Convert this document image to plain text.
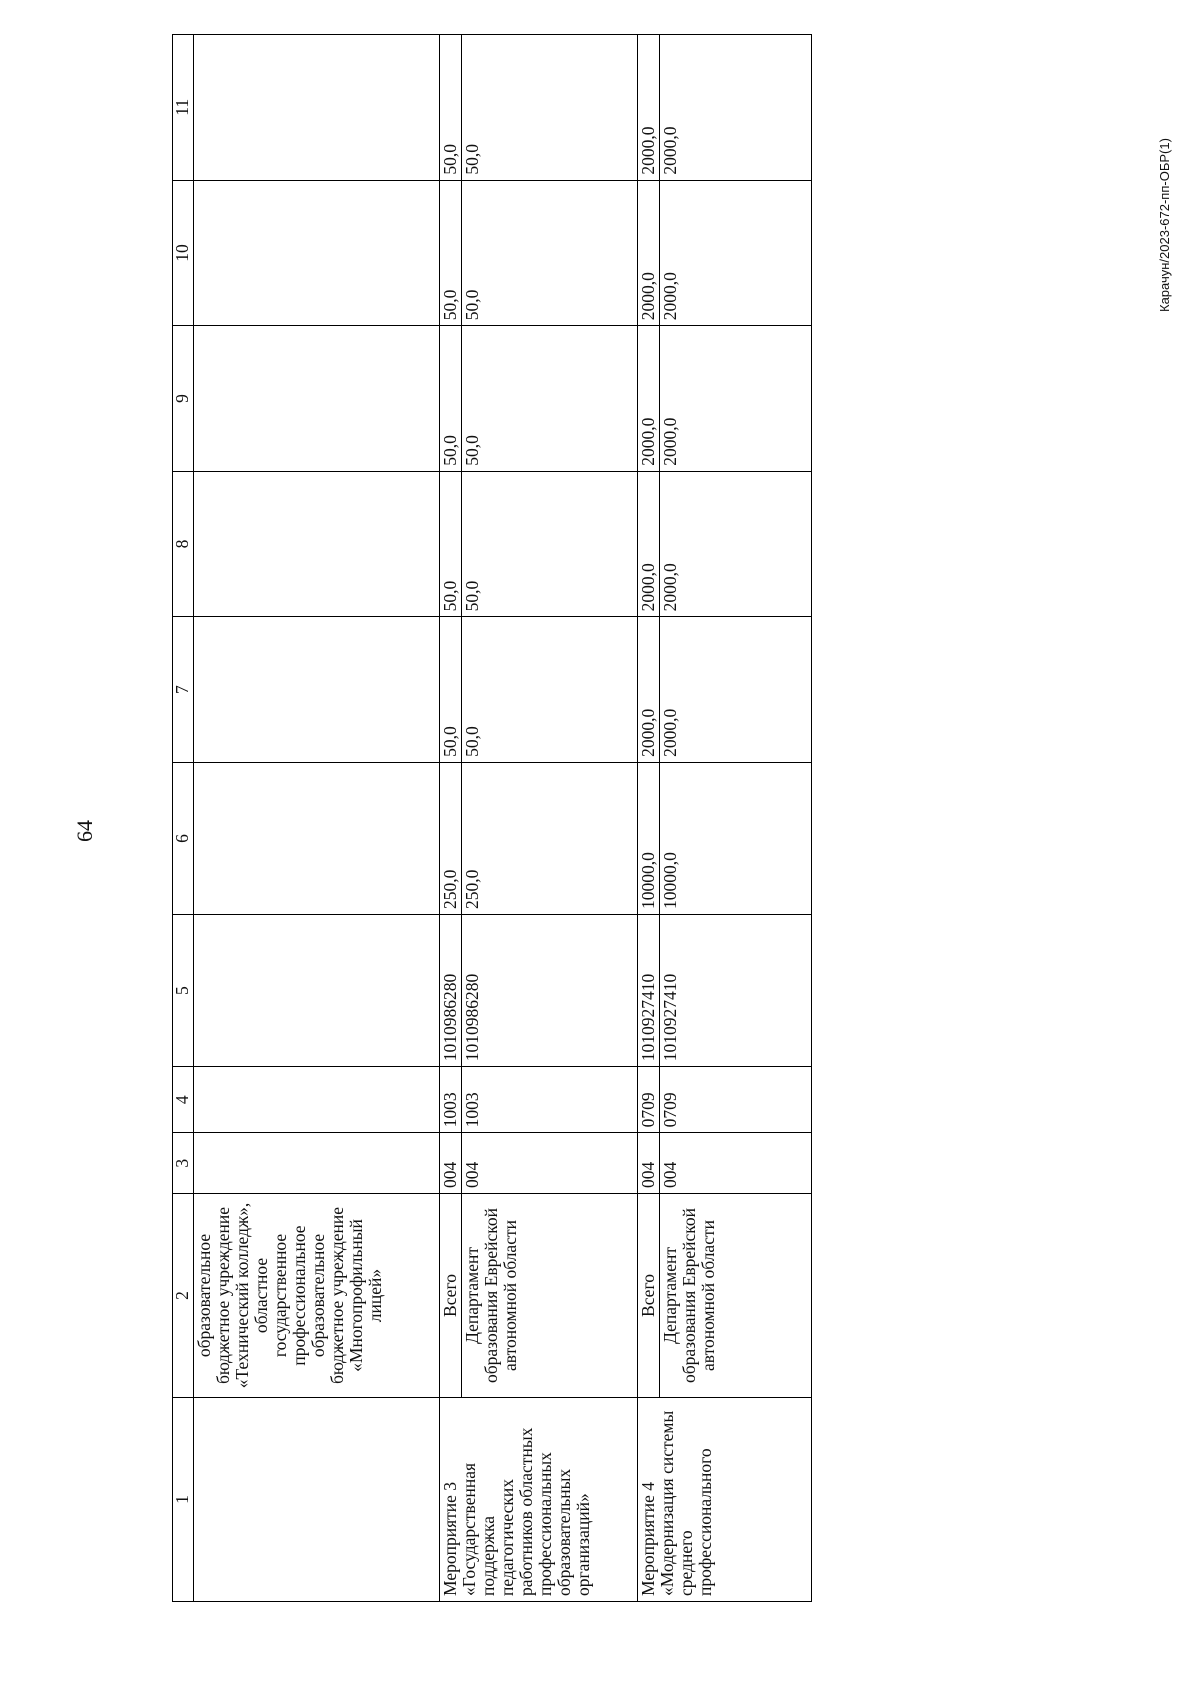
64
Карачун/2023-672-пп-ОБР(1)
1	2	3	4	5	6	7	8	9	10	11
	образовательное бюджетное учреждение «Технический колледж», областное государственное профессиональное образовательное бюджетное учреждение «Многопрофильный лицей»									
Мероприятие 3 «Государственная поддержка педагогических работников областных профессиональных образовательных организаций»	Всего	004	1003	1010986280	250,0	50,0	50,0	50,0	50,0	50,0
	Департамент образования Еврейской автономной области	004	1003	1010986280	250,0	50,0	50,0	50,0	50,0	50,0
Мероприятие 4 «Модернизация системы среднего профессионального	Всего	004	0709	1010927410	10000,0	2000,0	2000,0	2000,0	2000,0	2000,0
	Департамент образования Еврейской автономной области	004	0709	1010927410	10000,0	2000,0	2000,0	2000,0	2000,0	2000,0
